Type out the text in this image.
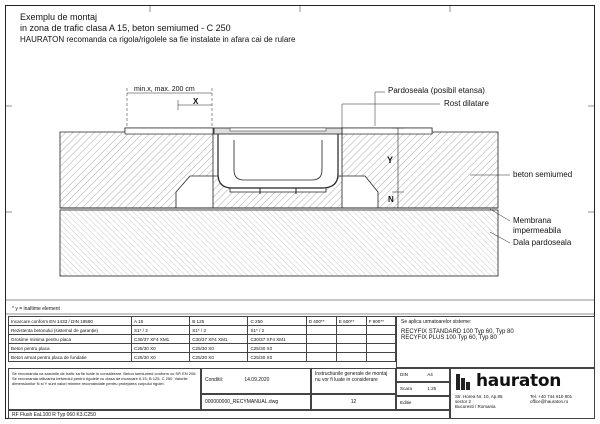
Exemplu de montaj
in zona de trafic clasa A 15, beton semiumed - C 250
HAURATON recomanda ca rigola/rigolele sa fie instalate in afara cai de rulare
min.x, max. 200 cm
X
Y
N
Pardoseala (posibil etansa)
Rost dilatare
beton semiumed
Membrana
impermeabila
Dala pardoseala
* y = inaltime element
Incarcare conform EN 1433 / DIN 19580	A 15	B 125	C 250	D 400**	E 600**	F 900**
Rezistenta betonului (sistemul de garanție)	S1* / 2	S1* / 2	S1* / 2			
Grosime minima pentru placa	C30/37 XF4 XM1	C30/37 XF4 XM1	C30/37 XF4 XM1			
Beton pentru placa	C25/30 X0	C25/30 X0	C25/30 X0			
Beton armat pentru placa de fundatie	C25/30 X0	C25/30 X0	C25/30 X0			
Se aplica urmatoarelor sisteme:
RECYFIX STANDARD 100 Typ 60, Typ 80
RECYFIX PLUS 100 Typ 60, Typ 80
Se recomanda ca sarcinile de trafic sa fie luate in considerare. Beton semiumed conform cu SR EN 206. Se recomanda utilizarea betonului pentru rigolele cu clasa de incarcare A 15, B 125, C 250. Valorile dimensiunilor N si Y sunt valori minime recomandate pentru protejarea corpului rigolei.
Conditii:	14.09.2020
Instructiunile generale de montaj nu vor fi luate in considerare
000000000_RECYMANUAL.dwg	12
DIN	A4
Scara	1:25
Editie
RF Flush EaL100 R Typ 060 K3.C250
hauraton
Str. Horea Nr. 10, Ap.85
sector 2
Bucuresti / Romania
Tel. +40 744 610 801
office@hauraton.ro
